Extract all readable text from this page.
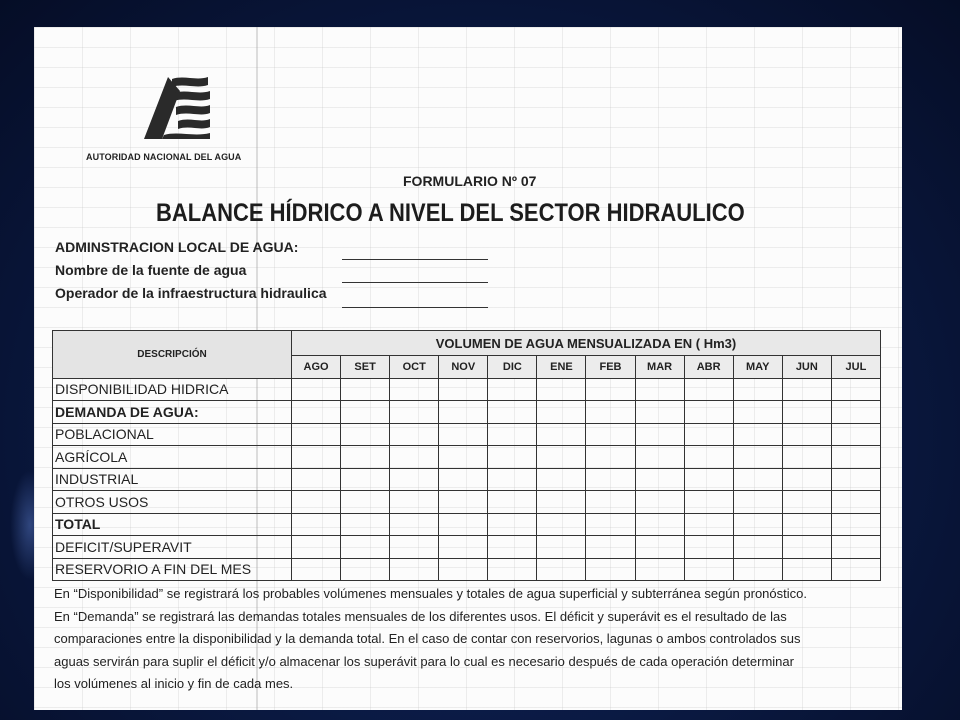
AUTORIDAD NACIONAL DEL AGUA
FORMULARIO Nº 07
BALANCE HÍDRICO A NIVEL DEL SECTOR HIDRAULICO
ADMINSTRACION LOCAL DE AGUA:
Nombre de la fuente de agua
Operador de la infraestructura hidraulica
DESCRIPCIÓN	VOLUMEN DE AGUA MENSUALIZADA EN ( Hm3)											
	AGO	SET	OCT	NOV	DIC	ENE	FEB	MAR	ABR	MAY	JUN	JUL
DISPONIBILIDAD HIDRICA												
DEMANDA DE AGUA:												
POBLACIONAL												
AGRÍCOLA												
INDUSTRIAL												
OTROS USOS												
TOTAL												
DEFICIT/SUPERAVIT												
RESERVORIO A FIN DEL MES												
En “Disponibilidad” se registrará los probables volúmenes mensuales y totales de agua superficial y subterránea según pronóstico.
En “Demanda” se registrará las demandas totales mensuales de los diferentes usos. El déficit y superávit es el resultado de las
comparaciones entre la disponibilidad y la demanda total. En el caso de contar con reservorios, lagunas o ambos controlados sus
aguas servirán para suplir el déficit y/o almacenar los superávit para lo cual es necesario después de cada operación determinar
los volúmenes al inicio y fin de cada mes.
